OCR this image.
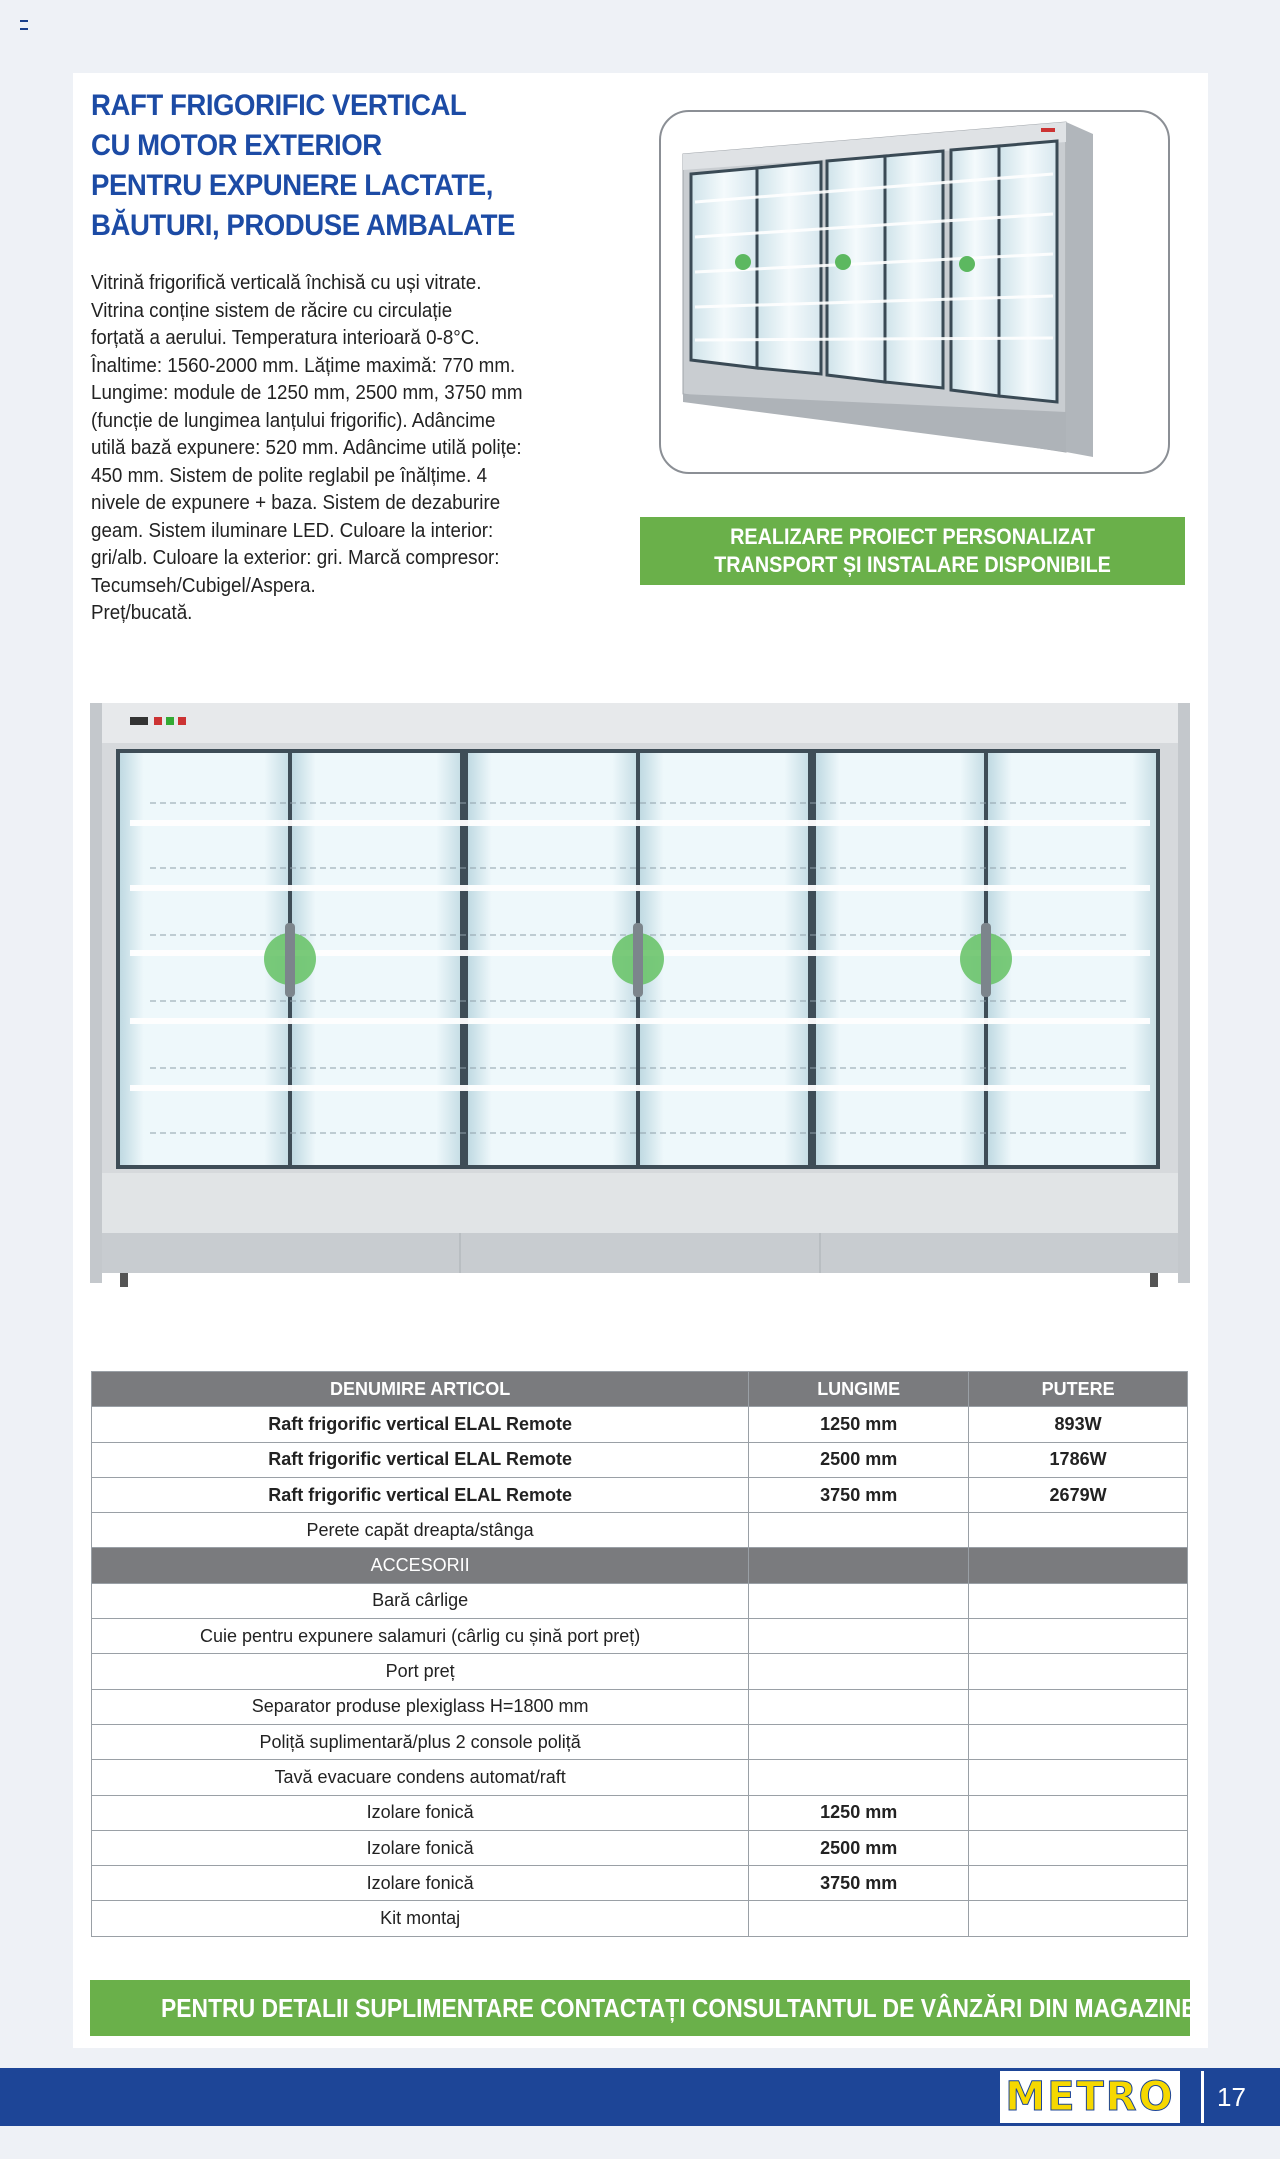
RAFT FRIGORIFIC VERTICAL
CU MOTOR EXTERIOR
PENTRU EXPUNERE LACTATE,
BĂUTURI, PRODUSE AMBALATE
Vitrină frigorifică verticală închisă cu uși vitrate.
Vitrina conține sistem de răcire cu circulație
forțată a aerului. Temperatura interioară 0-8°C.
Înaltime: 1560-2000 mm. Lățime maximă: 770 mm.
Lungime: module de 1250 mm, 2500 mm, 3750 mm
(funcție de lungimea lanțului frigorific). Adâncime
utilă bază expunere: 520 mm. Adâncime utilă polițe:
450 mm. Sistem de polite reglabil pe înălțime. 4
nivele de expunere + baza. Sistem de dezaburire
geam. Sistem iluminare LED. Culoare la interior:
gri/alb. Culoare la exterior: gri. Marcă compresor:
Tecumseh/Cubigel/Aspera.
Preț/bucată.
REALIZARE PROIECT PERSONALIZAT
TRANSPORT ȘI INSTALARE DISPONIBILE
DENUMIRE ARTICOL	LUNGIME	PUTERE
Raft frigorific vertical ELAL Remote	1250 mm	893W
Raft frigorific vertical ELAL Remote	2500 mm	1786W
Raft frigorific vertical ELAL Remote	3750 mm	2679W
Perete capăt dreapta/stânga		
ACCESORII		
Bară cârlige		
Cuie pentru expunere salamuri (cârlig cu șină port preț)		
Port preț		
Separator produse plexiglass H=1800 mm		
Poliță suplimentară/plus 2 console poliță		
Tavă evacuare condens automat/raft		
Izolare fonică	1250 mm	
Izolare fonică	2500 mm	
Izolare fonică	3750 mm	
Kit montaj		
PENTRU DETALII SUPLIMENTARE CONTACTAȚI CONSULTANTUL DE VÂNZĂRI DIN MAGAZINE.
METRO	17
